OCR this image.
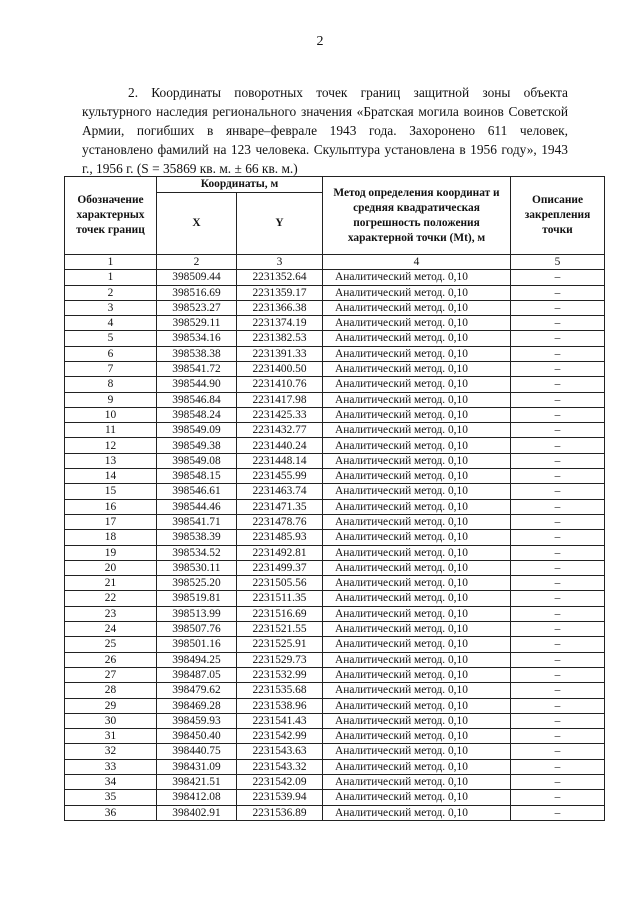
2

2. Координаты поворотных точек границ защитной зоны объекта культурного наследия регионального значения «Братская могила воинов Советской Армии, погибших в январе–феврале 1943 года. Захоронено 611 человек, установлено фамилий на 123 человека. Скульптура установлена в 1956 году», 1943 г., 1956 г. (S = 35869 кв. м. ± 66 кв. м.)

Обозначение характерных точек границ	Координаты, м		Метод определения координат и средняя квадратическая погрешность положения характерной точки (Mt), м	Описание закрепления точки
	X	Y		
1	2	3	4	5
1	398509.44	2231352.64	Аналитический метод. 0,10	–
2	398516.69	2231359.17	Аналитический метод. 0,10	–
3	398523.27	2231366.38	Аналитический метод. 0,10	–
4	398529.11	2231374.19	Аналитический метод. 0,10	–
5	398534.16	2231382.53	Аналитический метод. 0,10	–
6	398538.38	2231391.33	Аналитический метод. 0,10	–
7	398541.72	2231400.50	Аналитический метод. 0,10	–
8	398544.90	2231410.76	Аналитический метод. 0,10	–
9	398546.84	2231417.98	Аналитический метод. 0,10	–
10	398548.24	2231425.33	Аналитический метод. 0,10	–
11	398549.09	2231432.77	Аналитический метод. 0,10	–
12	398549.38	2231440.24	Аналитический метод. 0,10	–
13	398549.08	2231448.14	Аналитический метод. 0,10	–
14	398548.15	2231455.99	Аналитический метод. 0,10	–
15	398546.61	2231463.74	Аналитический метод. 0,10	–
16	398544.46	2231471.35	Аналитический метод. 0,10	–
17	398541.71	2231478.76	Аналитический метод. 0,10	–
18	398538.39	2231485.93	Аналитический метод. 0,10	–
19	398534.52	2231492.81	Аналитический метод. 0,10	–
20	398530.11	2231499.37	Аналитический метод. 0,10	–
21	398525.20	2231505.56	Аналитический метод. 0,10	–
22	398519.81	2231511.35	Аналитический метод. 0,10	–
23	398513.99	2231516.69	Аналитический метод. 0,10	–
24	398507.76	2231521.55	Аналитический метод. 0,10	–
25	398501.16	2231525.91	Аналитический метод. 0,10	–
26	398494.25	2231529.73	Аналитический метод. 0,10	–
27	398487.05	2231532.99	Аналитический метод. 0,10	–
28	398479.62	2231535.68	Аналитический метод. 0,10	–
29	398469.28	2231538.96	Аналитический метод. 0,10	–
30	398459.93	2231541.43	Аналитический метод. 0,10	–
31	398450.40	2231542.99	Аналитический метод. 0,10	–
32	398440.75	2231543.63	Аналитический метод. 0,10	–
33	398431.09	2231543.32	Аналитический метод. 0,10	–
34	398421.51	2231542.09	Аналитический метод. 0,10	–
35	398412.08	2231539.94	Аналитический метод. 0,10	–
36	398402.91	2231536.89	Аналитический метод. 0,10	–
